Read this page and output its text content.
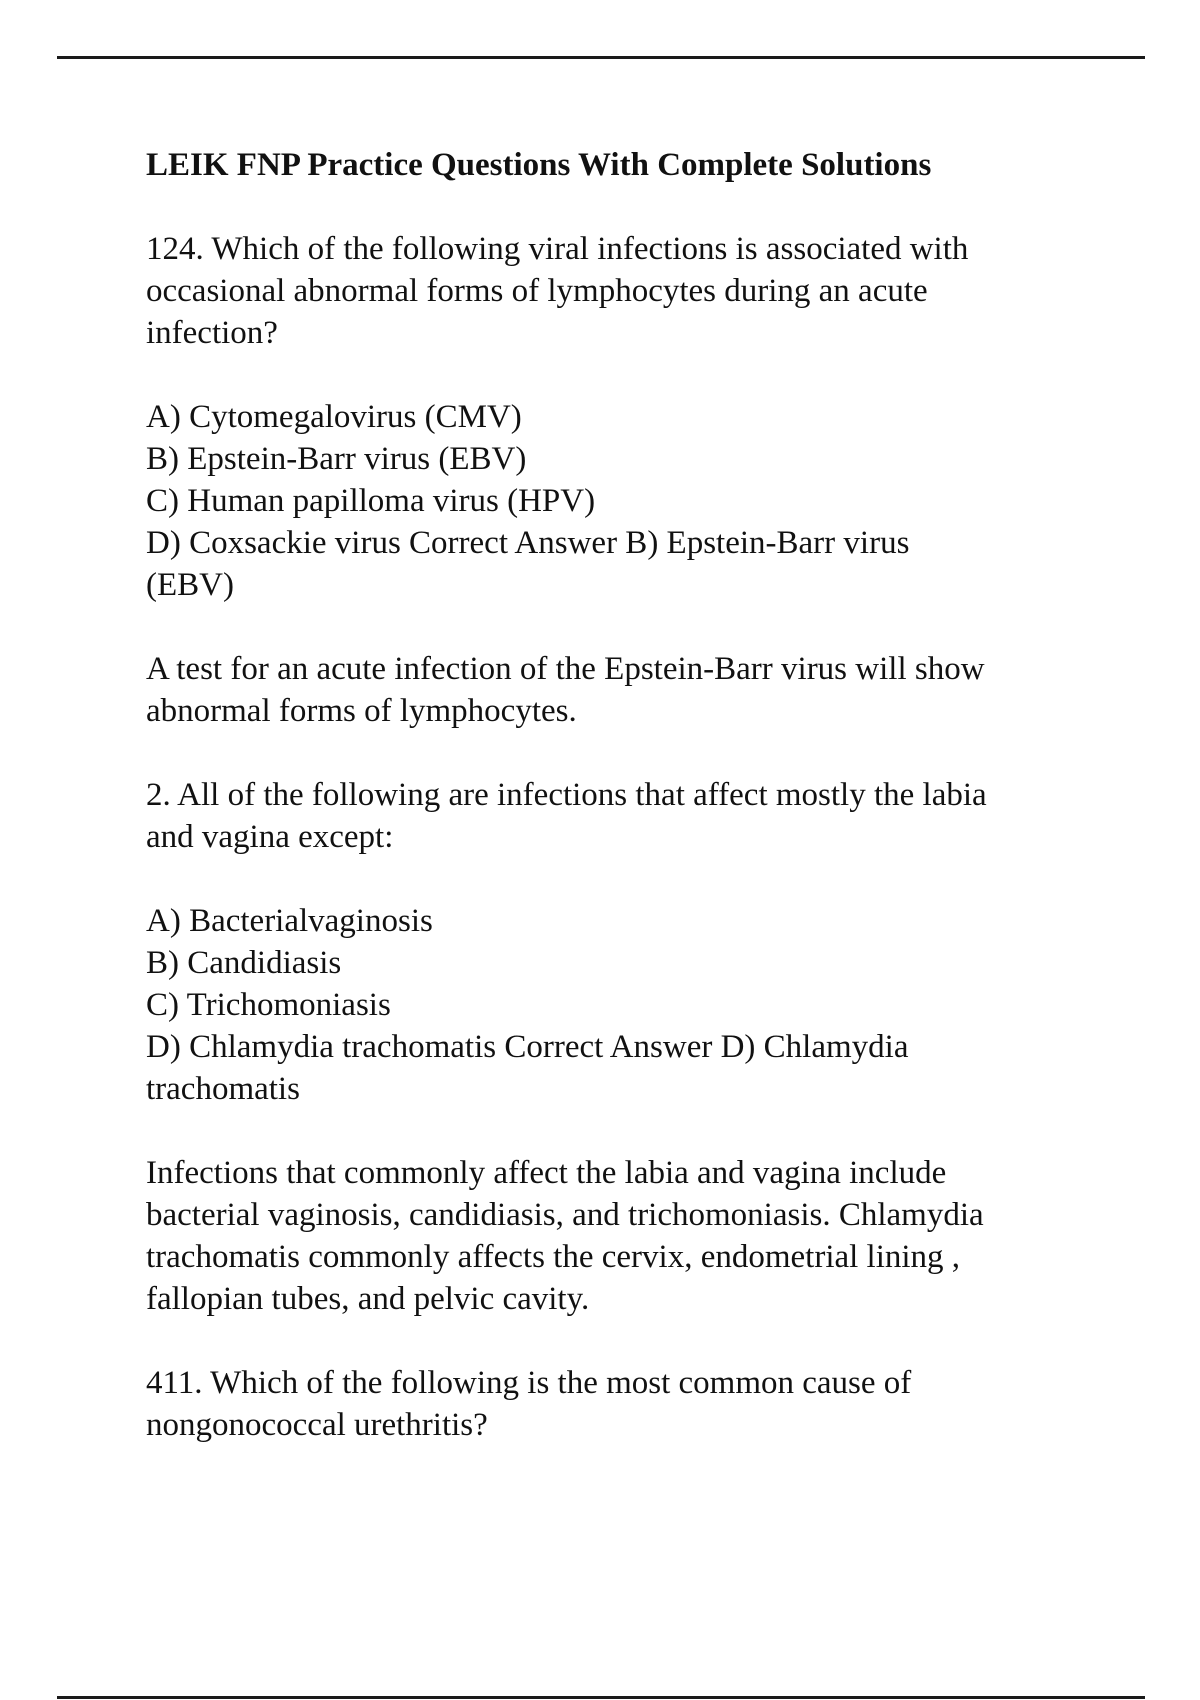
LEIK FNP Practice Questions With Complete Solutions
124. Which of the following viral infections is associated with
occasional abnormal forms of lymphocytes during an acute
infection?
A) Cytomegalovirus (CMV)
B) Epstein-Barr virus (EBV)
C) Human papilloma virus (HPV)
D) Coxsackie virus Correct Answer B) Epstein-Barr virus
(EBV)
A test for an acute infection of the Epstein-Barr virus will show
abnormal forms of lymphocytes.
2. All of the following are infections that affect mostly the labia
and vagina except:
A) Bacterialvaginosis
B) Candidiasis
C) Trichomoniasis
D) Chlamydia trachomatis Correct Answer D) Chlamydia
trachomatis
Infections that commonly affect the labia and vagina include
bacterial vaginosis, candidiasis, and trichomoniasis. Chlamydia
trachomatis commonly affects the cervix, endometrial lining ,
fallopian tubes, and pelvic cavity.
411. Which of the following is the most common cause of
nongonococcal urethritis?
